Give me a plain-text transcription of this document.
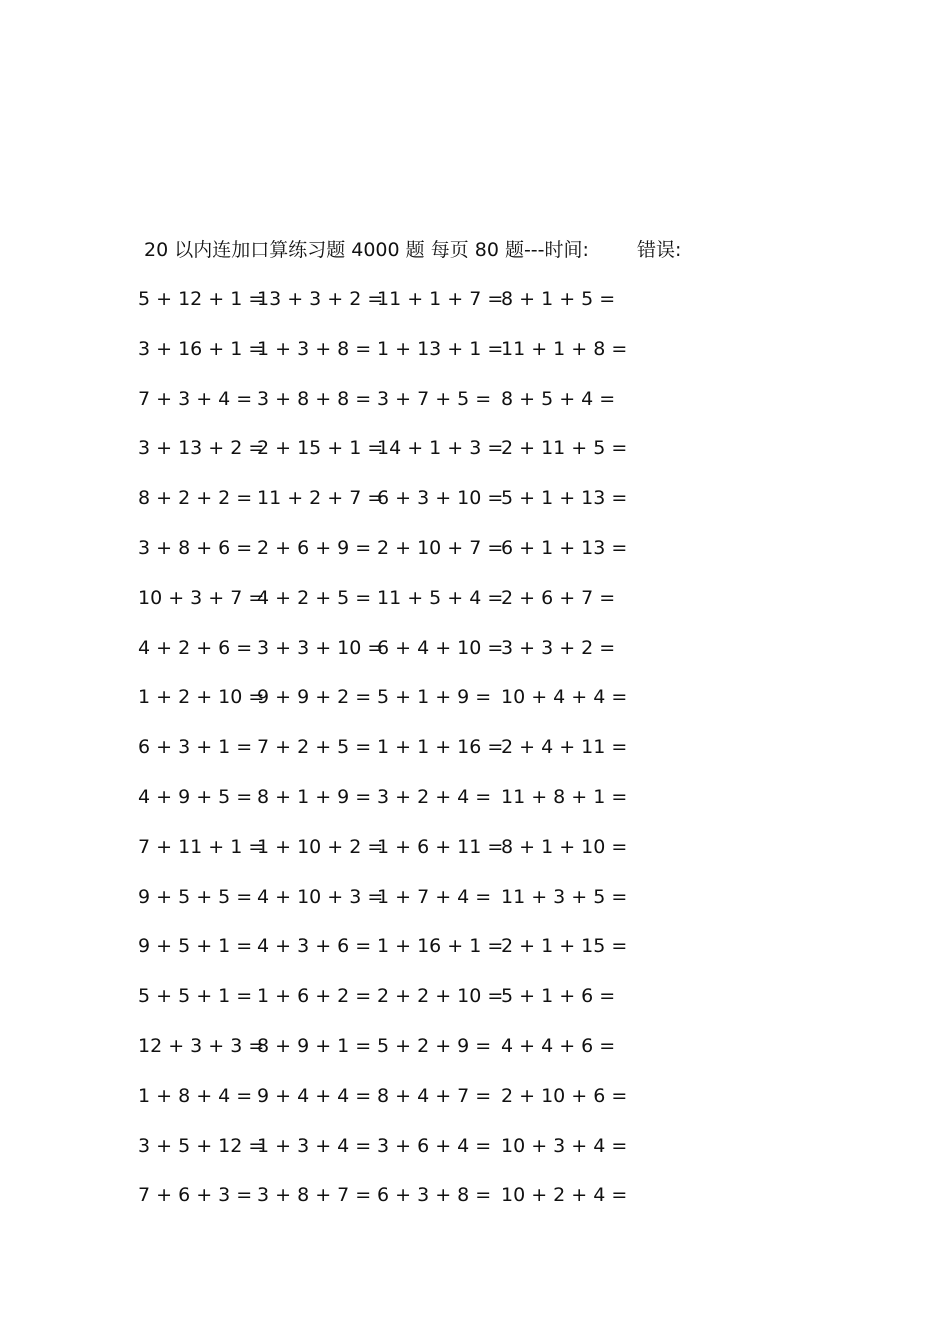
20 以内连加口算练习题 4000 题 每页 80 题---时间:	错误:
5 + 12 + 1 =
13 + 3 + 2 =
11 + 1 + 7 =
8 + 1 + 5 =
3 + 16 + 1 =
1 + 3 + 8 = 1 + 13 + 1 =
11 + 1 + 8 =
7 + 3 + 4 = 3 + 8 + 8 = 3 + 7 + 5 = 8 + 5 + 4 =
3 + 13 + 2 =
2 + 15 + 1 =
14 + 1 + 3 =
2 + 11 + 5 =
8 + 2 + 2 = 11 + 2 + 7 =
6 + 3 + 10 =
5 + 1 + 13 =
3 + 8 + 6 = 2 + 6 + 9 = 2 + 10 + 7 =
6 + 1 + 13 =
10 + 3 + 7 =
4 + 2 + 5 = 11 + 5 + 4 =
2 + 6 + 7 =
4 + 2 + 6 = 3 + 3 + 10 =
6 + 4 + 10 =
3 + 3 + 2 =
1 + 2 + 10 =
9 + 9 + 2 = 5 + 1 + 9 = 10 + 4 + 4 =
6 + 3 + 1 = 7 + 2 + 5 = 1 + 1 + 16 =
2 + 4 + 11 =
4 + 9 + 5 = 8 + 1 + 9 = 3 + 2 + 4 = 11 + 8 + 1 =
7 + 11 + 1 =
1 + 10 + 2 =
1 + 6 + 11 =
8 + 1 + 10 =
9 + 5 + 5 = 4 + 10 + 3 =
1 + 7 + 4 = 11 + 3 + 5 =
9 + 5 + 1 = 4 + 3 + 6 = 1 + 16 + 1 =
2 + 1 + 15 =
5 + 5 + 1 = 1 + 6 + 2 = 2 + 2 + 10 =
5 + 1 + 6 =
12 + 3 + 3 =
8 + 9 + 1 = 5 + 2 + 9 = 4 + 4 + 6 =
1 + 8 + 4 = 9 + 4 + 4 = 8 + 4 + 7 = 2 + 10 + 6 =
3 + 5 + 12 =
1 + 3 + 4 = 3 + 6 + 4 = 10 + 3 + 4 =
7 + 6 + 3 = 3 + 8 + 7 = 6 + 3 + 8 = 10 + 2 + 4 =
